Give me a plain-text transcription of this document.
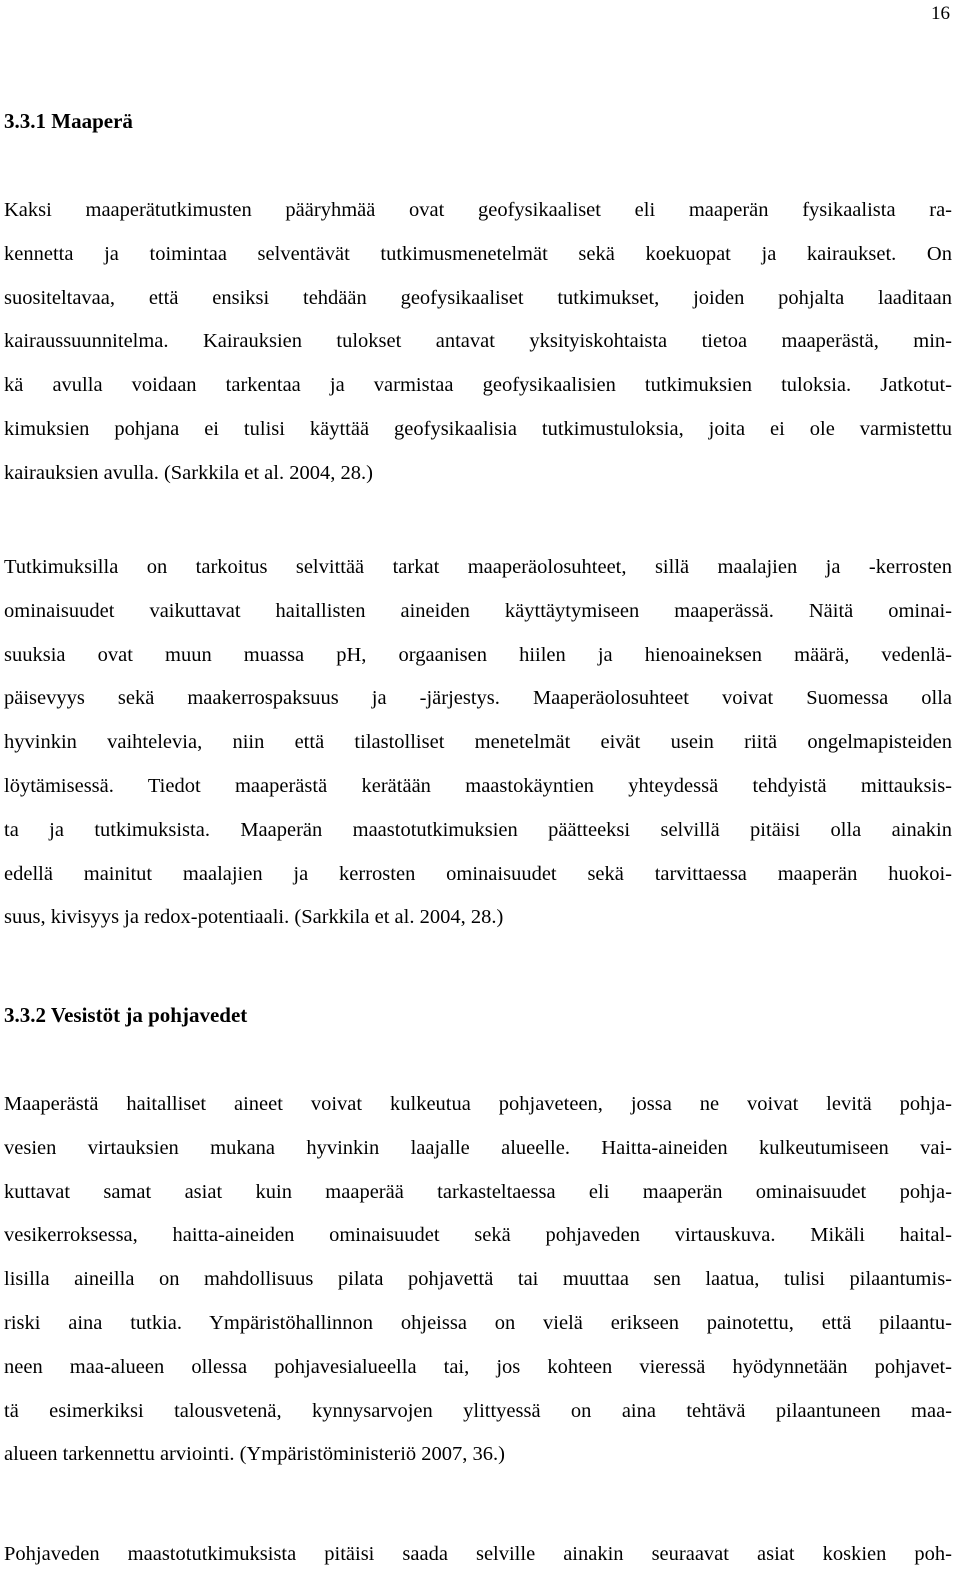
16
3.3.1 Maaperä

Kaksi maaperätutkimusten pääryhmää ovat geofysikaaliset eli maaperän fysikaalista ra-
kennetta ja toimintaa selventävät tutkimusmenetelmät sekä koekuopat ja kairaukset. On
suositeltavaa, että ensiksi tehdään geofysikaaliset tutkimukset, joiden pohjalta laaditaan
kairaussuunnitelma. Kairauksien tulokset antavat yksityiskohtaista tietoa maaperästä, min-
kä avulla voidaan tarkentaa ja varmistaa geofysikaalisien tutkimuksien tuloksia. Jatkotut-
kimuksien pohjana ei tulisi käyttää geofysikaalisia tutkimustuloksia, joita ei ole varmistettu
kairauksien avulla. (Sarkkila et al. 2004, 28.)

Tutkimuksilla on tarkoitus selvittää tarkat maaperäolosuhteet, sillä maalajien ja -kerrosten
ominaisuudet vaikuttavat haitallisten aineiden käyttäytymiseen maaperässä. Näitä ominai-
suuksia ovat muun muassa pH, orgaanisen hiilen ja hienoaineksen määrä, vedenlä-
päisevyys sekä maakerrospaksuus ja -järjestys. Maaperäolosuhteet voivat Suomessa olla
hyvinkin vaihtelevia, niin että tilastolliset menetelmät eivät usein riitä ongelmapisteiden
löytämisessä. Tiedot maaperästä kerätään maastokäyntien yhteydessä tehdyistä mittauksis-
ta ja tutkimuksista. Maaperän maastotutkimuksien päätteeksi selvillä pitäisi olla ainakin
edellä mainitut maalajien ja kerrosten ominaisuudet sekä tarvittaessa maaperän huokoi-
suus, kivisyys ja redox-potentiaali. (Sarkkila et al. 2004, 28.)

3.3.2 Vesistöt ja pohjavedet

Maaperästä haitalliset aineet voivat kulkeutua pohjaveteen, jossa ne voivat levitä pohja-
vesien virtauksien mukana hyvinkin laajalle alueelle. Haitta-aineiden kulkeutumiseen vai-
kuttavat samat asiat kuin maaperää tarkasteltaessa eli maaperän ominaisuudet pohja-
vesikerroksessa, haitta-aineiden ominaisuudet sekä pohjaveden virtauskuva. Mikäli haital-
lisilla aineilla on mahdollisuus pilata pohjavettä tai muuttaa sen laatua, tulisi pilaantumis-
riski aina tutkia. Ympäristöhallinnon ohjeissa on vielä erikseen painotettu, että pilaantu-
neen maa-alueen ollessa pohjavesialueella tai, jos kohteen vieressä hyödynnetään pohjavet-
tä esimerkiksi talousvetenä, kynnysarvojen ylittyessä on aina tehtävä pilaantuneen maa-
alueen tarkennettu arviointi. (Ympäristöministeriö 2007, 36.)

Pohjaveden maastotutkimuksista pitäisi saada selville ainakin seuraavat asiat koskien poh-
